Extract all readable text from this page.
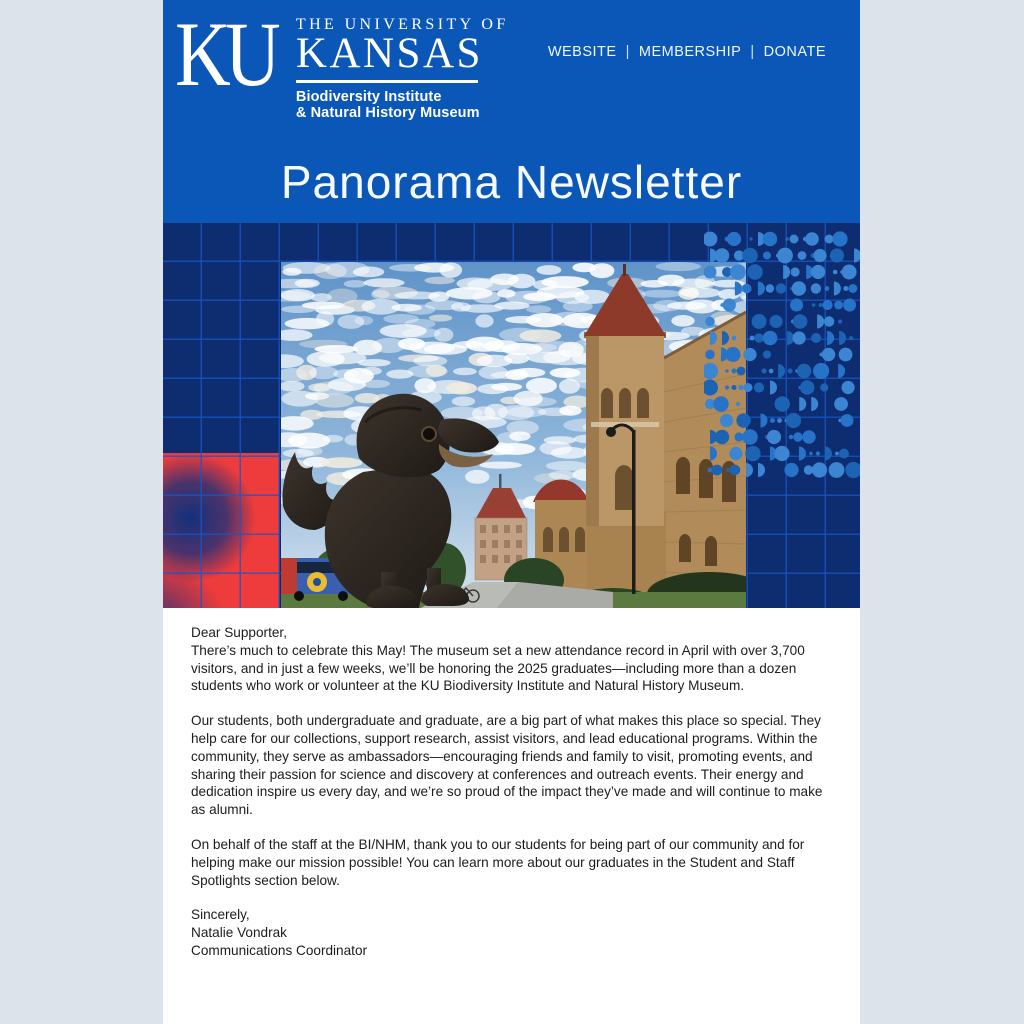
KU THE UNIVERSITY OF
KANSAS
Biodiversity Institute
& Natural History Museum
WEBSITE | MEMBERSHIP | DONATE
Panorama Newsletter

Dear Supporter,

There’s much to celebrate this May! The museum set a new attendance record in April with over 3,700 visitors, and in just a few weeks, we’ll be honoring the 2025 graduates—including more than a dozen students who work or volunteer at the KU Biodiversity Institute and Natural History Museum.

Our students, both undergraduate and graduate, are a big part of what makes this place so special. They help care for our collections, support research, assist visitors, and lead educational programs. Within the community, they serve as ambassadors—encouraging friends and family to visit, promoting events, and sharing their passion for science and discovery at conferences and outreach events. Their energy and dedication inspire us every day, and we’re so proud of the impact they’ve made and will continue to make as alumni.

On behalf of the staff at the BI/NHM, thank you to our students for being part of our community and for helping make our mission possible! You can learn more about our graduates in the Student and Staff Spotlights section below.

Sincerely,
Natalie Vondrak
Communications Coordinator
